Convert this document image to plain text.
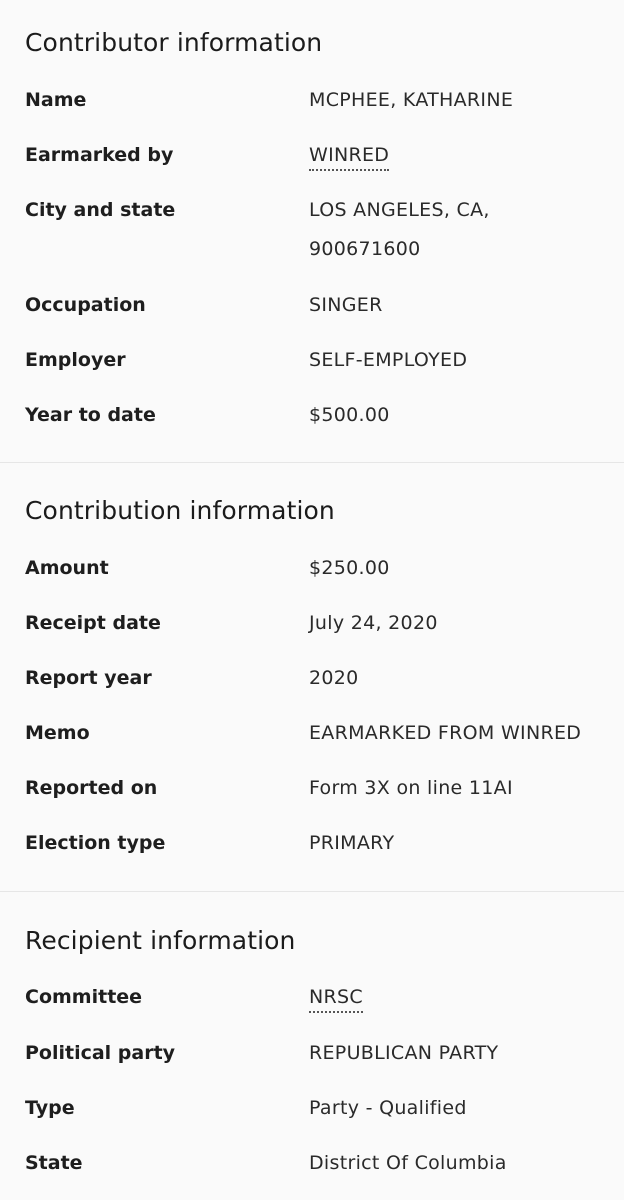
Contributor information
Name	MCPHEE, KATHARINE
Earmarked by	WINRED
City and state	LOS ANGELES, CA, 900671600
Occupation	SINGER
Employer	SELF-EMPLOYED
Year to date	$500.00
Contribution information
Amount	$250.00
Receipt date	July 24, 2020
Report year	2020
Memo	EARMARKED FROM WINRED
Reported on	Form 3X on line 11AI
Election type	PRIMARY
Recipient information
Committee	NRSC
Political party	REPUBLICAN PARTY
Type	Party - Qualified
State	District Of Columbia
